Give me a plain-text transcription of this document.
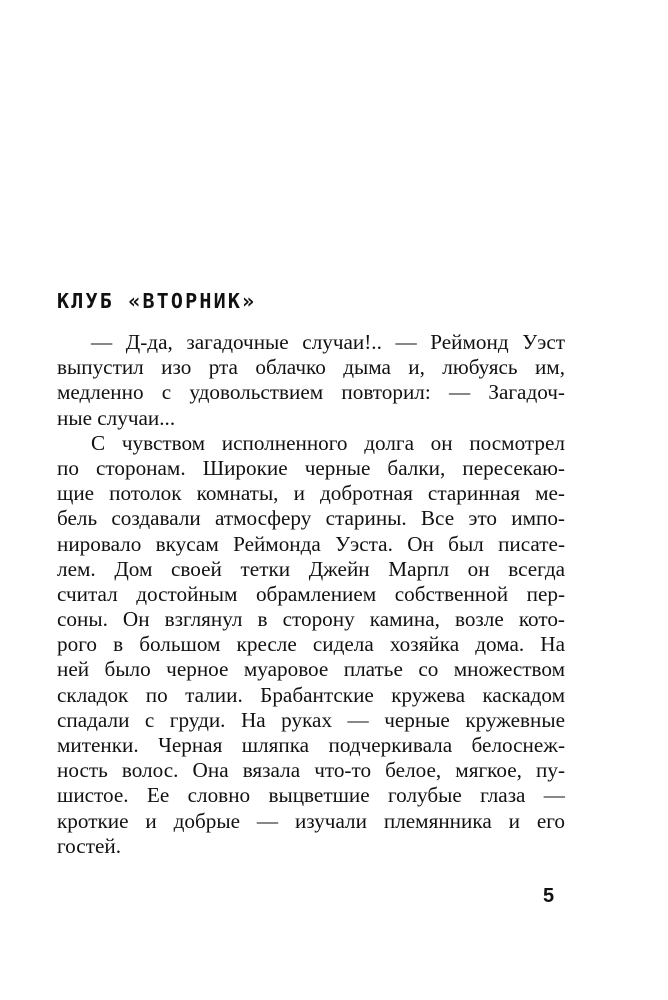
КЛУБ «ВТОРНИК»
— Д-да, загадочные случаи!.. — Реймонд Уэст
выпустил изо рта облачко дыма и, любуясь им,
медленно с удовольствием повторил: — Загадоч-
ные случаи...
С чувством исполненного долга он посмотрел
по сторонам. Широкие черные балки, пересекаю-
щие потолок комнаты, и добротная старинная ме-
бель создавали атмосферу старины. Все это импо-
нировало вкусам Реймонда Уэста. Он был писате-
лем. Дом своей тетки Джейн Марпл он всегда
считал достойным обрамлением собственной пер-
соны. Он взглянул в сторону камина, возле кото-
рого в большом кресле сидела хозяйка дома. На
ней было черное муаровое платье со множеством
складок по талии. Брабантские кружева каскадом
спадали с груди. На руках — черные кружевные
митенки. Черная шляпка подчеркивала белоснеж-
ность волос. Она вязала что-то белое, мягкое, пу-
шистое. Ее словно выцветшие голубые глаза —
кроткие и добрые — изучали племянника и его
гостей.
5
